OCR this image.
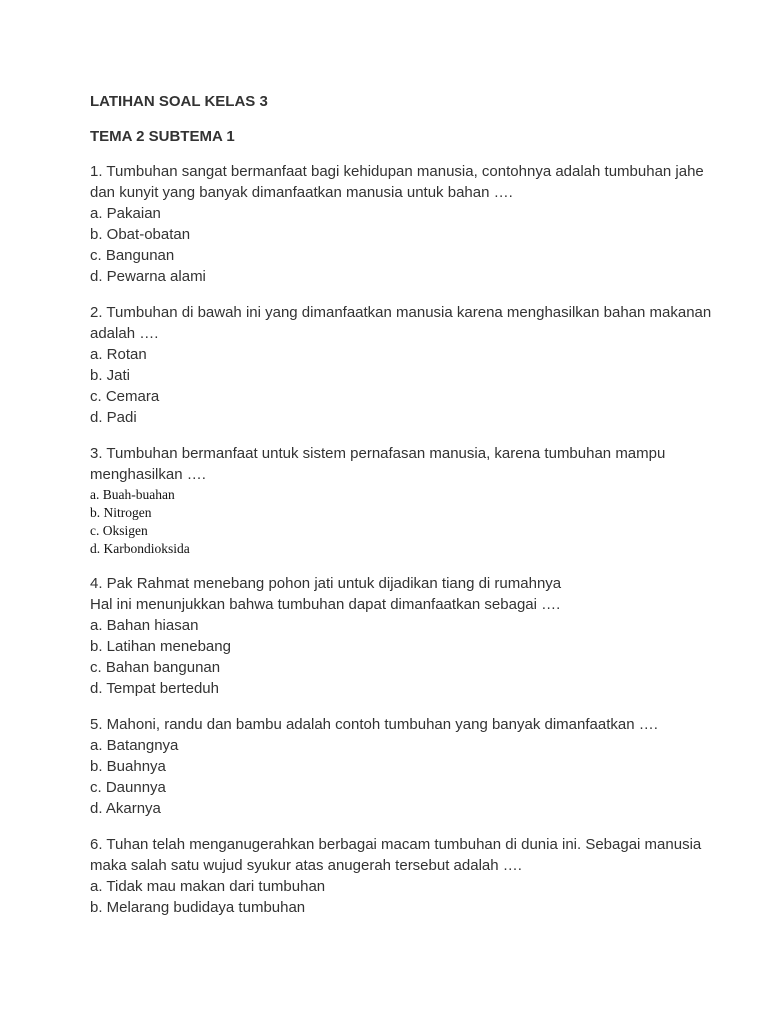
LATIHAN SOAL KELAS 3

TEMA 2 SUBTEMA 1

1. Tumbuhan sangat bermanfaat bagi kehidupan manusia, contohnya adalah tumbuhan jahe dan kunyit yang banyak dimanfaatkan manusia untuk bahan ….

a. Pakaian
b. Obat-obatan
c. Bangunan
d. Pewarna alami

2. Tumbuhan di bawah ini yang dimanfaatkan manusia karena menghasilkan bahan makanan adalah ….

a. Rotan
b. Jati
c. Cemara
d. Padi

3. Tumbuhan bermanfaat untuk sistem pernafasan manusia, karena tumbuhan mampu menghasilkan ….

a. Buah-buahan
b. Nitrogen
c. Oksigen
d. Karbondioksida

4. Pak Rahmat menebang pohon jati untuk dijadikan tiang di rumahnya

Hal ini menunjukkan bahwa tumbuhan dapat dimanfaatkan sebagai ….

a. Bahan hiasan
b. Latihan menebang
c. Bahan bangunan
d. Tempat berteduh

5. Mahoni, randu dan bambu adalah contoh tumbuhan yang banyak dimanfaatkan ….

a. Batangnya
b. Buahnya
c. Daunnya
d. Akarnya

6. Tuhan telah menganugerahkan berbagai macam tumbuhan di dunia ini. Sebagai manusia maka salah satu wujud syukur atas anugerah tersebut adalah ….

a. Tidak mau makan dari tumbuhan
b. Melarang budidaya tumbuhan
